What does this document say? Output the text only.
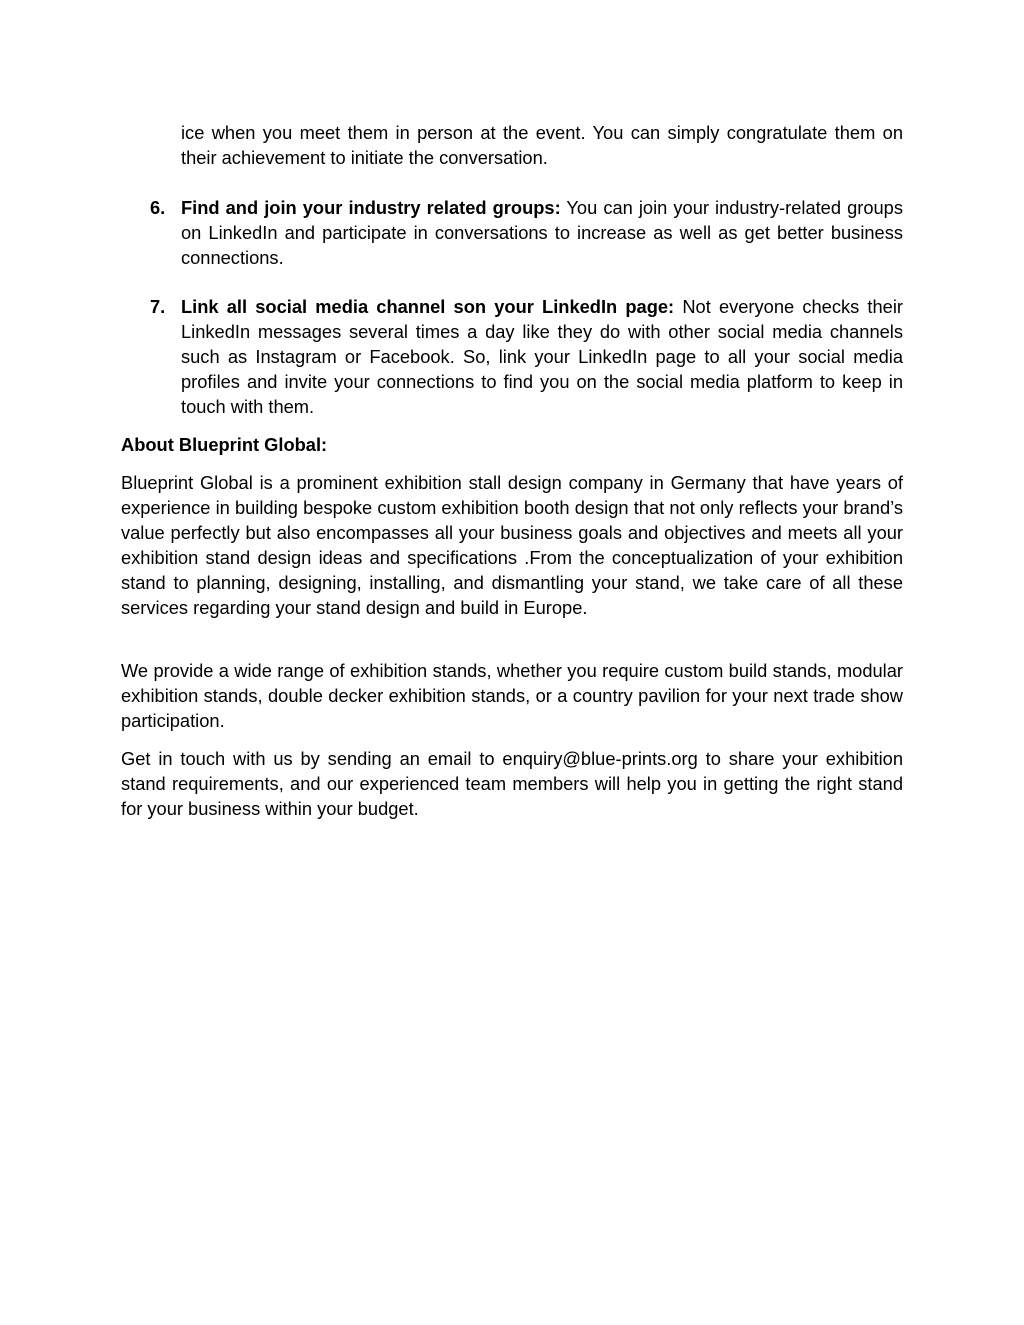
ice when you meet them in person at the event. You can simply congratulate them on their achievement to initiate the conversation.

6. Find and join your industry related groups: You can join your industry-related groups on LinkedIn and participate in conversations to increase as well as get better business connections.
7. Link all social media channel son your LinkedIn page: Not everyone checks their LinkedIn messages several times a day like they do with other social media channels such as Instagram or Facebook. So, link your LinkedIn page to all your social media profiles and invite your connections to find you on the social media platform to keep in touch with them.

About Blueprint Global:

Blueprint Global is a prominent exhibition stall design company in Germany that have years of experience in building bespoke custom exhibition booth design that not only reflects your brand’s value perfectly but also encompasses all your business goals and objectives and meets all your exhibition stand design ideas and specifications .From the conceptualization of your exhibition stand to planning, designing, installing, and dismantling your stand, we take care of all these services regarding your stand design and build in Europe.

We provide a wide range of exhibition stands, whether you require custom build stands, modular exhibition stands, double decker exhibition stands, or a country pavilion for your next trade show participation.

Get in touch with us by sending an email to enquiry@blue-prints.org to share your exhibition stand requirements, and our experienced team members will help you in getting the right stand for your business within your budget.
